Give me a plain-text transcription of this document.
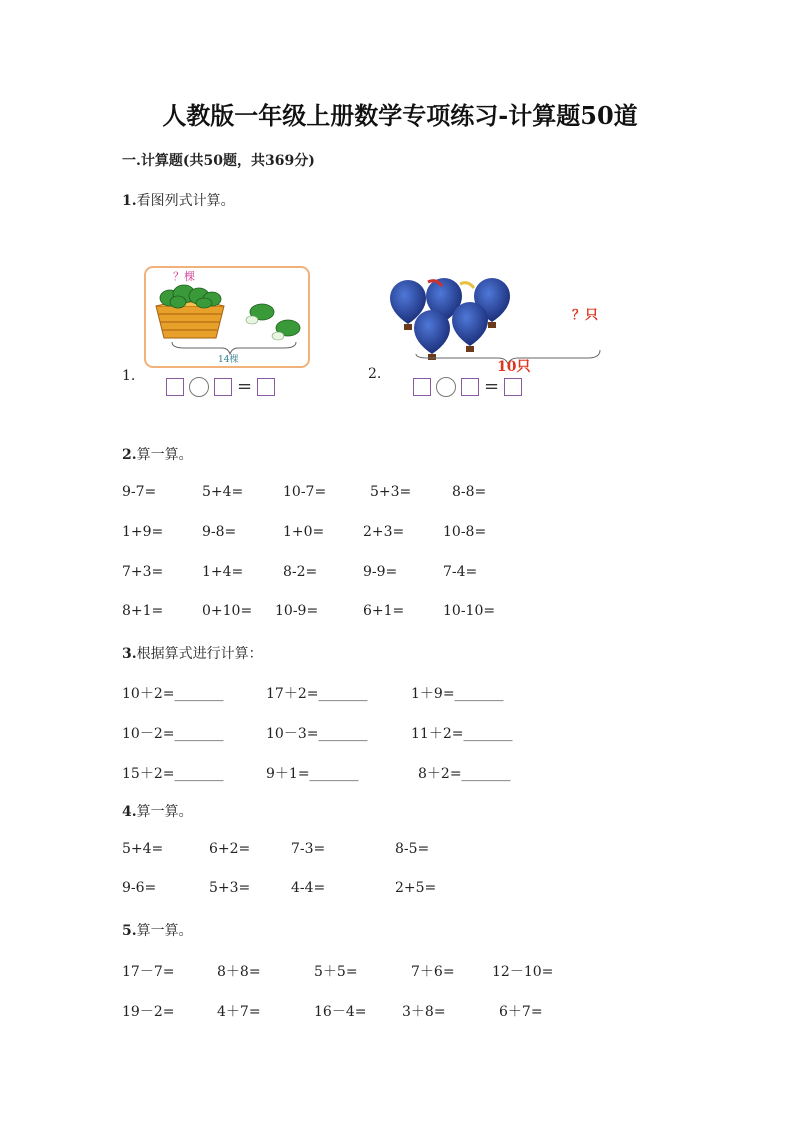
人教版一年级上册数学专项练习-计算题50道
一.计算题(共50题，共369分)
1.看图列式计算。
1.
？棵
14棵
=
2.
？只
10只
=
2.算一算。
9-7=	5+4=	10-7=	5+3=	8-8=
1+9=	9-8=	1+0=	2+3=	10-8=
7+3=	1+4=	8-2=	9-9=	7-4=
8+1=	0+10= 10-9=	6+1=	10-10=
3.根据算式进行计算：
10＋2=_______	17＋2=_______	1＋9=_______
10－2=_______	10－3=_______	11＋2=_______
15＋2=_______	9＋1=_______	8＋2=_______
4.算一算。
5+4=	6+2=	7-3=	8-5=
9-6=	5+3=	4-4=	2+5=
5.算一算。
17－7=	8＋8=	5＋5=	7＋6=	12－10=
19－2=	4＋7=	16－4=	3＋8=	6＋7=
